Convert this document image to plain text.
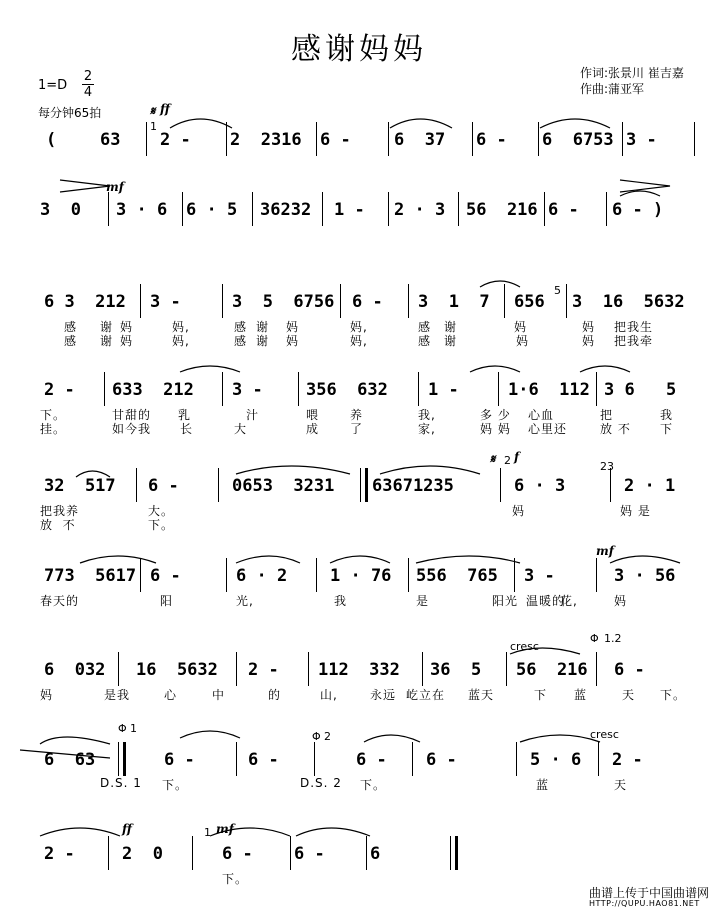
感谢妈妈
作词:张景川 崔吉嘉
作曲:蒲亚军
1=D
2
4
每分钟65拍	𝄋 ff
1
mf
5
𝄋 2 f
23
mf
cresc
Φ 1.2
Φ 1
Φ 2	cresc
ff	1 mf
(	63 2 - 2  2316 6 -	6  37 6 - 6  6753 3 -
3  0 3 · 6 6 · 5 36232 1 - 2 · 3 56  216 6 - 6 - )
6 3  212 3 -	3  5  6756 6 - 3  1  7 656 3  16  5632
感 谢 妈	妈,	感 谢 妈	妈,	感 谢	妈	妈 把我生
感 谢 妈	妈,	感 谢 妈	妈,	感 谢	妈	妈 把我牵
2 - 633  212 3 -	356  632 1 -	1·6  112 3 6 5
下。	甘甜的 乳	汁	喂	养	我,	多 少 心血	把	我
挂。	如今我 长	大	成	了	家,	妈 妈 心里还	放 不 下
32  517 6 -	0653  3231 63671235	6 · 3	2 · 1
把我养	大。	妈	妈 是
放  不	下。
773  5617 6 -	6 · 2	1 · 76 556  765 3 -	3 · 56
春天的	阳	光,	我	是	阳光 温暖的
花,	妈
6  032 16  5632 2 - 112  332 36  5 56  216 6 -
妈	是我	心	中	的	山,	永远 屹立在 蓝天	下 蓝	天 下。
6  63	6 -	6 -	6 - 6 -	5 · 6 2 -
D.S. 1 下。	D.S. 2 下。	蓝	天
2 -	2  0	6 - 6 -	6
下。
曲谱上传于中国曲谱网
HTTP://QUPU.HAO81.NET
